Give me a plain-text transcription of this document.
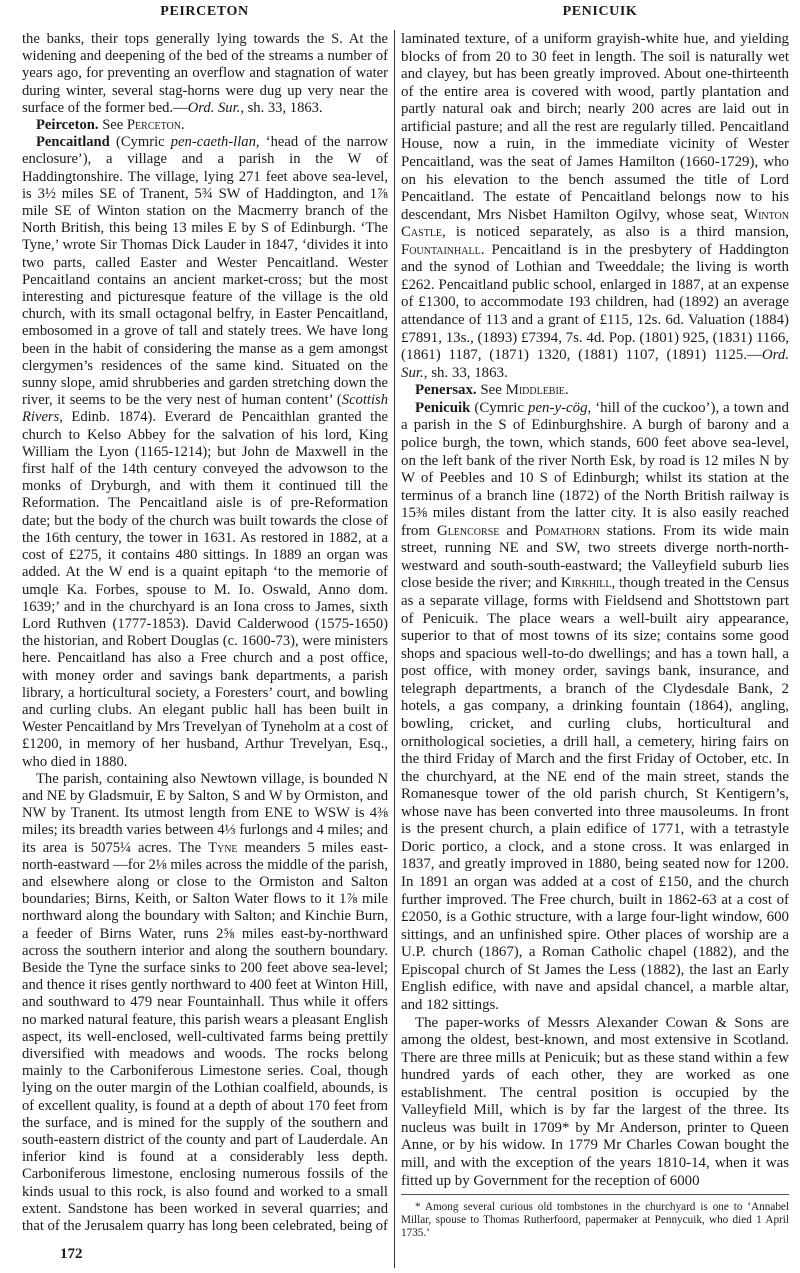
PEIRCETON	PENICUIK

the banks, their tops generally lying towards the S. At the widening and deepening of the bed of the streams a number of years ago, for preventing an overflow and stagnation of water during winter, several stag-horns were dug up very near the surface of the former bed.—Ord. Sur., sh. 33, 1863.

Peirceton. See Perceton.

Pencaitland (Cymric pen-caeth-llan, ‘head of the narrow enclosure’), a village and a parish in the W of Haddingtonshire. The village, lying 271 feet above sea-level, is 3½ miles SE of Tranent, 5¾ SW of Haddington, and 1⅞ mile SE of Winton station on the Macmerry branch of the North British, this being 13 miles E by S of Edinburgh. ‘The Tyne,’ wrote Sir Thomas Dick Lauder in 1847, ‘divides it into two parts, called Easter and Wester Pencaitland. Wester Pencaitland contains an ancient market-cross; but the most interesting and picturesque feature of the village is the old church, with its small octagonal belfry, in Easter Pencaitland, embosomed in a grove of tall and stately trees. We have long been in the habit of considering the manse as a gem amongst clergymen’s residences of the same kind. Situated on the sunny slope, amid shrubberies and garden stretching down the river, it seems to be the very nest of human content’ (Scottish Rivers, Edinb. 1874). Everard de Pencaithlan granted the church to Kelso Abbey for the salvation of his lord, King William the Lyon (1165-1214); but John de Maxwell in the first half of the 14th century conveyed the advowson to the monks of Dryburgh, and with them it continued till the Reformation. The Pencaitland aisle is of pre-Reformation date; but the body of the church was built towards the close of the 16th century, the tower in 1631. As restored in 1882, at a cost of £275, it contains 480 sittings. In 1889 an organ was added. At the W end is a quaint epitaph ‘to the memorie of umqle Ka. Forbes, spouse to M. Io. Oswald, Anno dom. 1639;’ and in the churchyard is an Iona cross to James, sixth Lord Ruthven (1777-1853). David Calderwood (1575-1650) the historian, and Robert Douglas (c. 1600-73), were ministers here. Pencaitland has also a Free church and a post office, with money order and savings bank departments, a parish library, a horticultural society, a Foresters’ court, and bowling and curling clubs. An elegant public hall has been built in Wester Pencaitland by Mrs Trevelyan of Tyneholm at a cost of £1200, in memory of her husband, Arthur Trevelyan, Esq., who died in 1880.

The parish, containing also Newtown village, is bounded N and NE by Gladsmuir, E by Salton, S and W by Ormiston, and NW by Tranent. Its utmost length from ENE to WSW is 4⅜ miles; its breadth varies between 4⅓ furlongs and 4 miles; and its area is 5075¼ acres. The Tyne meanders 5 miles east-north-eastward —for 2⅛ miles across the middle of the parish, and elsewhere along or close to the Ormiston and Salton boundaries; Birns, Keith, or Salton Water flows to it 1⅞ mile northward along the boundary with Salton; and Kinchie Burn, a feeder of Birns Water, runs 2⅝ miles east-by-northward across the southern interior and along the southern boundary. Beside the Tyne the surface sinks to 200 feet above sea-level; and thence it rises gently northward to 400 feet at Winton Hill, and southward to 479 near Fountainhall. Thus while it offers no marked natural feature, this parish wears a pleasant English aspect, its well-enclosed, well-cultivated farms being prettily diversified with meadows and woods. The rocks belong mainly to the Carboniferous Limestone series. Coal, though lying on the outer margin of the Lothian coalfield, abounds, is of excellent quality, is found at a depth of about 170 feet from the surface, and is mined for the supply of the southern and south-eastern district of the county and part of Lauderdale. An inferior kind is found at a considerably less depth. Carboniferous limestone, enclosing numerous fossils of the kinds usual to this rock, is also found and worked to a small extent. Sandstone has been worked in several quarries; and that of the Jerusalem quarry has long been celebrated, being of

laminated texture, of a uniform grayish-white hue, and yielding blocks of from 20 to 30 feet in length. The soil is naturally wet and clayey, but has been greatly improved. About one-thirteenth of the entire area is covered with wood, partly plantation and partly natural oak and birch; nearly 200 acres are laid out in artificial pasture; and all the rest are regularly tilled. Pencaitland House, now a ruin, in the immediate vicinity of Wester Pencaitland, was the seat of James Hamilton (1660-1729), who on his elevation to the bench assumed the title of Lord Pencaitland. The estate of Pencaitland belongs now to his descendant, Mrs Nisbet Hamilton Ogilvy, whose seat, Winton Castle, is noticed separately, as also is a third mansion, Fountainhall. Pencaitland is in the presbytery of Haddington and the synod of Lothian and Tweeddale; the living is worth £262. Pencaitland public school, enlarged in 1887, at an expense of £1300, to accommodate 193 children, had (1892) an average attendance of 113 and a grant of £115, 12s. 6d. Valuation (1884) £7891, 13s., (1893) £7394, 7s. 4d. Pop. (1801) 925, (1831) 1166, (1861) 1187, (1871) 1320, (1881) 1107, (1891) 1125.—Ord. Sur., sh. 33, 1863.

Penersax. See Middlebie.

Penicuik (Cymric pen-y-cög, ‘hill of the cuckoo’), a town and a parish in the S of Edinburghshire. A burgh of barony and a police burgh, the town, which stands, 600 feet above sea-level, on the left bank of the river North Esk, by road is 12 miles N by W of Peebles and 10 S of Edinburgh; whilst its station at the terminus of a branch line (1872) of the North British railway is 15⅜ miles distant from the latter city. It is also easily reached from Glencorse and Pomathorn stations. From its wide main street, running NE and SW, two streets diverge north-north-westward and south-south-eastward; the Valleyfield suburb lies close beside the river; and Kirkhill, though treated in the Census as a separate village, forms with Fieldsend and Shottstown part of Penicuik. The place wears a well-built airy appearance, superior to that of most towns of its size; contains some good shops and spacious well-to-do dwellings; and has a town hall, a post office, with money order, savings bank, insurance, and telegraph departments, a branch of the Clydesdale Bank, 2 hotels, a gas company, a drinking fountain (1864), angling, bowling, cricket, and curling clubs, horticultural and ornithological societies, a drill hall, a cemetery, hiring fairs on the third Friday of March and the first Friday of October, etc. In the churchyard, at the NE end of the main street, stands the Romanesque tower of the old parish church, St Kentigern’s, whose nave has been converted into three mausoleums. In front is the present church, a plain edifice of 1771, with a tetrastyle Doric portico, a clock, and a stone cross. It was enlarged in 1837, and greatly improved in 1880, being seated now for 1200. In 1891 an organ was added at a cost of £150, and the church further improved. The Free church, built in 1862-63 at a cost of £2050, is a Gothic structure, with a large four-light window, 600 sittings, and an unfinished spire. Other places of worship are a U.P. church (1867), a Roman Catholic chapel (1882), and the Episcopal church of St James the Less (1882), the last an Early English edifice, with nave and apsidal chancel, a marble altar, and 182 sittings.

The paper-works of Messrs Alexander Cowan & Sons are among the oldest, best-known, and most extensive in Scotland. There are three mills at Penicuik; but as these stand within a few hundred yards of each other, they are worked as one establishment. The central position is occupied by the Valleyfield Mill, which is by far the largest of the three. Its nucleus was built in 1709* by Mr Anderson, printer to Queen Anne, or by his widow. In 1779 Mr Charles Cowan bought the mill, and with the exception of the years 1810-14, when it was fitted up by Government for the reception of 6000

* Among several curious old tombstones in the churchyard is one to ‘Annabel Millar, spouse to Thomas Rutherfoord, papermaker at Pennycuik, who died 1 April 1735.’

172
